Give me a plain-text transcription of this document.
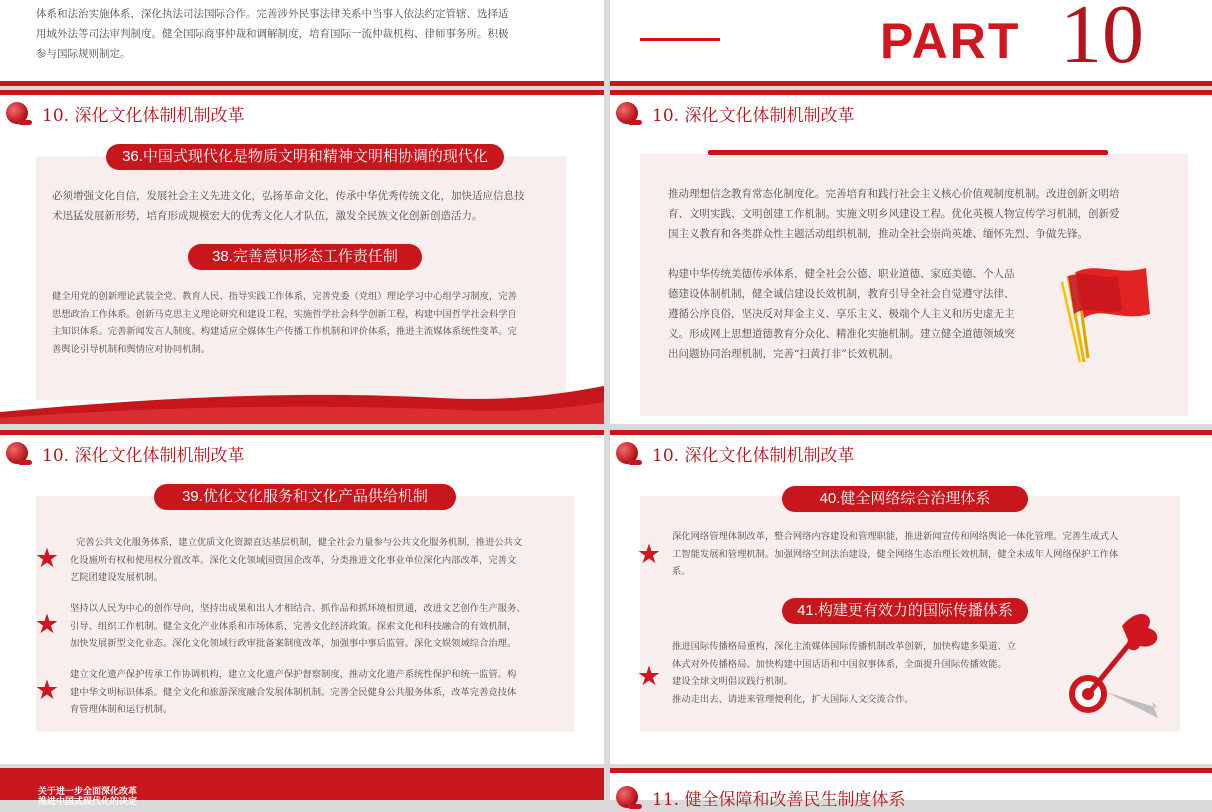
体系和法治实施体系，深化执法司法国际合作。完善涉外民事法律关系中当事人依法约定管辖、选择适
用域外法等司法审判制度。健全国际商事仲裁和调解制度，培育国际一流仲裁机构、律师事务所。积极
参与国际规则制定。	PART 10
10. 深化文化体制机制改革
36.中国式现代化是物质文明和精神文明相协调的现代化
必须增强文化自信，发展社会主义先进文化，弘扬革命文化，传承中华优秀传统文化，加快适应信息技
术迅猛发展新形势，培育形成规模宏大的优秀文化人才队伍，激发全民族文化创新创造活力。
38.完善意识形态工作责任制
健全用党的创新理论武装全党、教育人民、指导实践工作体系，完善党委（党组）理论学习中心组学习制度，完善
思想政治工作体系。创新马克思主义理论研究和建设工程，实施哲学社会科学创新工程，构建中国哲学社会科学自
主知识体系。完善新闻发言人制度。构建适应全媒体生产传播工作机制和评价体系，推进主流媒体系统性变革。完
善舆论引导机制和舆情应对协同机制。
10. 深化文化体制机制改革
推动理想信念教育常态化制度化。完善培育和践行社会主义核心价值观制度机制。改进创新文明培
育、文明实践、文明创建工作机制。实施文明乡风建设工程。优化英模人物宣传学习机制，创新爱
国主义教育和各类群众性主题活动组织机制，推动全社会崇尚英雄、缅怀先烈、争做先锋。
构建中华传统美德传承体系，健全社会公德、职业道德、家庭美德、个人品
德建设体制机制，健全诚信建设长效机制，教育引导全社会自觉遵守法律、
遵循公序良俗，坚决反对拜金主义、享乐主义、极端个人主义和历史虚无主
义。形成网上思想道德教育分众化、精准化实施机制。建立健全道德领域突
出问题协同治理机制，完善“扫黄打非”长效机制。
10. 深化文化体制机制改革
39.优化文化服务和文化产品供给机制
★
完善公共文化服务体系，建立优质文化资源直达基层机制，健全社会力量参与公共文化服务机制，推进公共文
化设施所有权和使用权分置改革。深化文化领域国资国企改革，分类推进文化事业单位深化内部改革，完善文
艺院团建设发展机制。
★
坚持以人民为中心的创作导向，坚持出成果和出人才相结合、抓作品和抓环境相贯通，改进文艺创作生产服务、
引导、组织工作机制。健全文化产业体系和市场体系，完善文化经济政策。探索文化和科技融合的有效机制，
加快发展新型文化业态。深化文化领域行政审批备案制度改革，加强事中事后监管。深化文娱领域综合治理。
★
建立文化遗产保护传承工作协调机构，建立文化遗产保护督察制度，推动文化遗产系统性保护和统一监管。构
建中华文明标识体系。健全文化和旅游深度融合发展体制机制。完善全民健身公共服务体系，改革完善竞技体
育管理体制和运行机制。
10. 深化文化体制机制改革
40.健全网络综合治理体系
★
深化网络管理体制改革，整合网络内容建设和管理职能，推进新闻宣传和网络舆论一体化管理。完善生成式人
工智能发展和管理机制。加强网络空间法治建设，健全网络生态治理长效机制，健全未成年人网络保护工作体
系。
41.构建更有效力的国际传播体系
★
推进国际传播格局重构，深化主流媒体国际传播机制改革创新，加快构建多渠道、立
体式对外传播格局。加快构建中国话语和中国叙事体系，全面提升国际传播效能。
建设全球文明倡议践行机制。
推动走出去、请进来管理便利化，扩大国际人文交流合作。
关于进一步全面深化改革
推进中国式现代化的决定	11. 健全保障和改善民生制度体系
